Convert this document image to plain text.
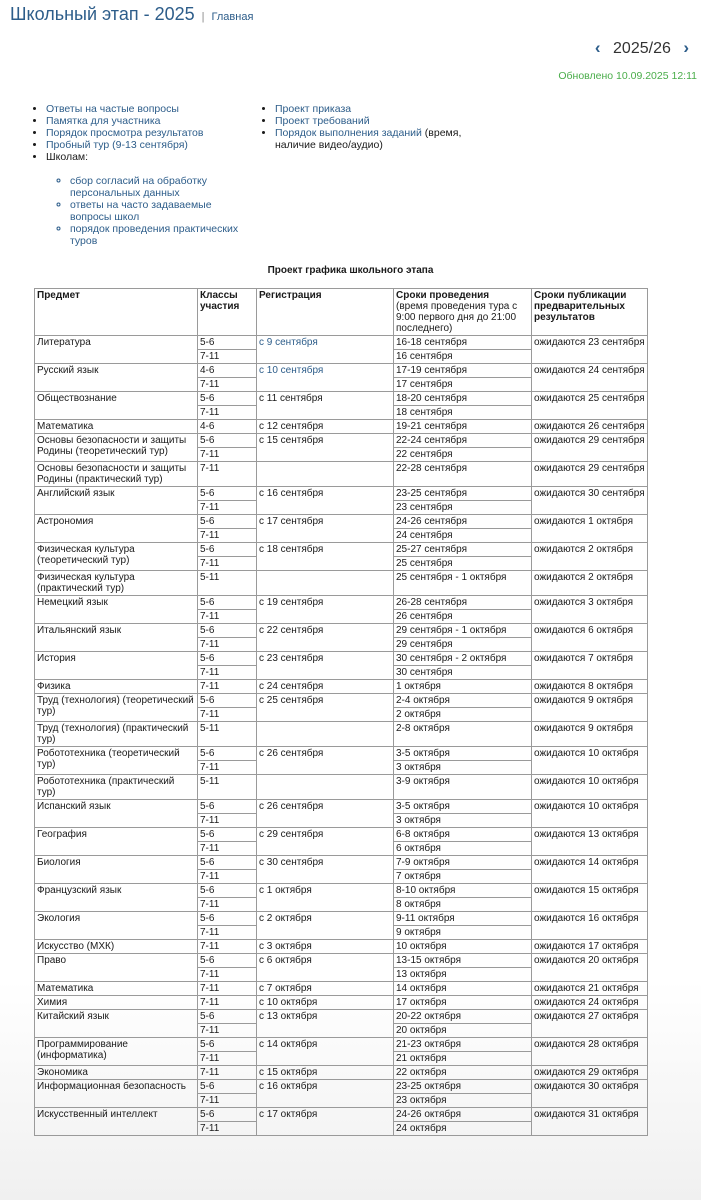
Школьный этап - 2025 | Главная
‹ 2025/26 ›
Обновлено 10.09.2025 12:11
• Ответы на частые вопросы
• Памятка для участника
• Порядок просмотра результатов
• Пробный тур (9-13 сентября)
• Школам:
◦ сбор согласий на обработку персональных данных
◦ ответы на часто задаваемые вопросы школ
◦ порядок проведения практических туров
• Проект приказа
• Проект требований
• Порядок выполнения заданий (время, наличие видео/аудио)
Проект графика школьного этапа
Предмет	Классы участия	Регистрация	Сроки проведения
(время проведения тура с 9:00 первого дня до 21:00 последнего)	Сроки публикации предварительных результатов
Литература	5-6	с 9 сентября	16-18 сентября	ожидаются 23 сентября
	7-11		16 сентября	
Русский язык	4-6	с 10 сентября	17-19 сентября	ожидаются 24 сентября
	7-11		17 сентября	
Обществознание	5-6	с 11 сентября	18-20 сентября	ожидаются 25 сентября
	7-11		18 сентября	
Математика	4-6	с 12 сентября	19-21 сентября	ожидаются 26 сентября
Основы безопасности и защиты Родины (теоретический тур)	5-6	с 15 сентября	22-24 сентября	ожидаются 29 сентября
	7-11		22 сентября	
Основы безопасности и защиты Родины (практический тур)	7-11		22-28 сентября	ожидаются 29 сентября
Английский язык	5-6	с 16 сентября	23-25 сентября	ожидаются 30 сентября
	7-11		23 сентября	
Астрономия	5-6	с 17 сентября	24-26 сентября	ожидаются 1 октября
	7-11		24 сентября	
Физическая культура (теоретический тур)	5-6	с 18 сентября	25-27 сентября	ожидаются 2 октября
	7-11		25 сентября	
Физическая культура (практический тур)	5-11		25 сентября - 1 октября	ожидаются 2 октября
Немецкий язык	5-6	с 19 сентября	26-28 сентября	ожидаются 3 октября
	7-11		26 сентября	
Итальянский язык	5-6	с 22 сентября	29 сентября - 1 октября	ожидаются 6 октября
	7-11		29 сентября	
История	5-6	с 23 сентября	30 сентября - 2 октября	ожидаются 7 октября
	7-11		30 сентября	
Физика	7-11	с 24 сентября	1 октября	ожидаются 8 октября
Труд (технология) (теоретический тур)	5-6	с 25 сентября	2-4 октября	ожидаются 9 октября
	7-11		2 октября	
Труд (технология) (практический тур)	5-11		2-8 октября	ожидаются 9 октября
Робототехника (теоретический тур)	5-6	с 26 сентября	3-5 октября	ожидаются 10 октября
	7-11		3 октября	
Робототехника (практический тур)	5-11		3-9 октября	ожидаются 10 октября
Испанский язык	5-6	с 26 сентября	3-5 октября	ожидаются 10 октября
	7-11		3 октября	
География	5-6	с 29 сентября	6-8 октября	ожидаются 13 октября
	7-11		6 октября	
Биология	5-6	с 30 сентября	7-9 октября	ожидаются 14 октября
	7-11		7 октября	
Французский язык	5-6	с 1 октября	8-10 октября	ожидаются 15 октября
	7-11		8 октября	
Экология	5-6	с 2 октября	9-11 октября	ожидаются 16 октября
	7-11		9 октября	
Искусство (МХК)	7-11	с 3 октября	10 октября	ожидаются 17 октября
Право	5-6	с 6 октября	13-15 октября	ожидаются 20 октября
	7-11		13 октября	
Математика	7-11	с 7 октября	14 октября	ожидаются 21 октября
Химия	7-11	с 10 октября	17 октября	ожидаются 24 октября
Китайский язык	5-6	с 13 октября	20-22 октября	ожидаются 27 октября
	7-11		20 октября	
Программирование (информатика)	5-6	с 14 октября	21-23 октября	ожидаются 28 октября
	7-11		21 октября	
Экономика	7-11	с 15 октября	22 октября	ожидаются 29 октября
Информационная безопасность	5-6	с 16 октября	23-25 октября	ожидаются 30 октября
	7-11		23 октября	
Искусственный интеллект	5-6	с 17 октября	24-26 октября	ожидаются 31 октября
	7-11		24 октября	
